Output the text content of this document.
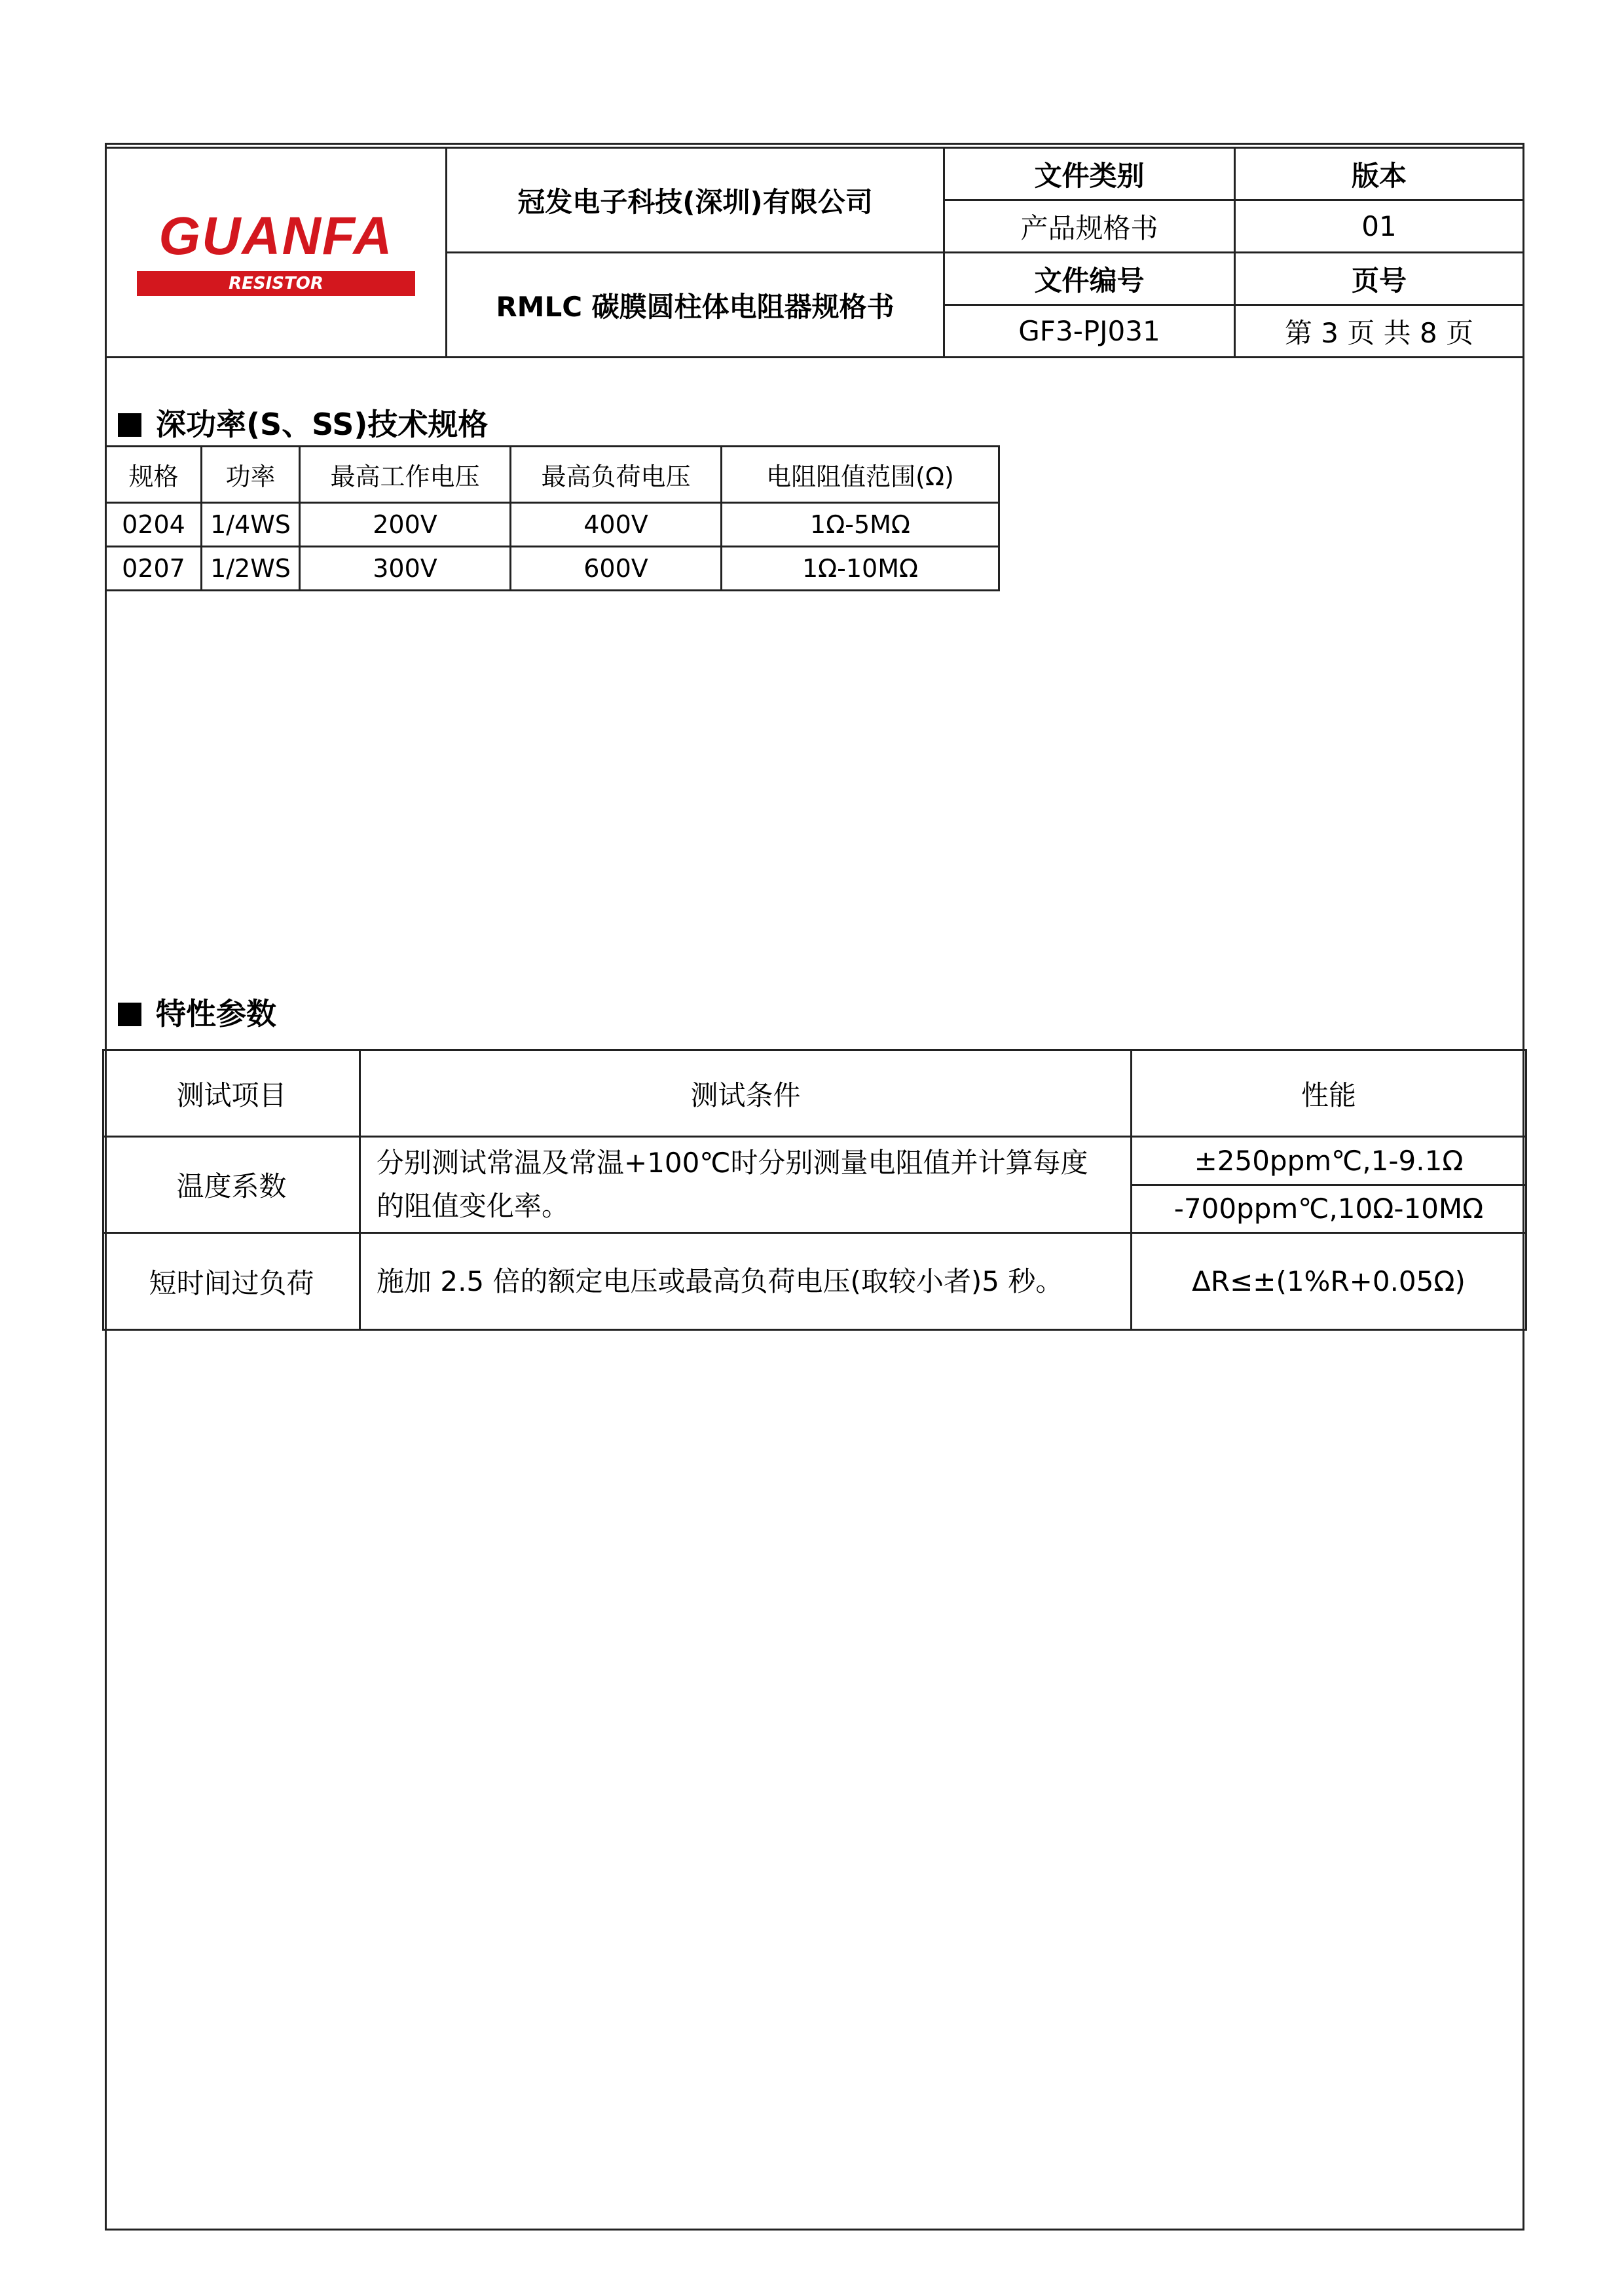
GUANFA
RESISTOR	冠发电子科技(深圳)有限公司	文件类别	版本
		产品规格书	01
	RMLC 碳膜圆柱体电阻器规格书	文件编号	页号
		GF3-PJ031	第 3 页 共 8 页
深功率(S、SS)技术规格
规格	功率	最高工作电压	最高负荷电压	电阻阻值范围(Ω)
0204	1/4WS	200V	400V	1Ω-5MΩ
0207	1/2WS	300V	600V	1Ω-10MΩ
特性参数
测试项目	测试条件	性能
温度系数	分别测试常温及常温+100℃时分别测量电阻值并计算每度的阻值变化率。	±250ppm℃,1-9.1Ω
		-700ppm℃,10Ω-10MΩ
短时间过负荷	施加 2.5 倍的额定电压或最高负荷电压(取较小者)5 秒。	ΔR≤±(1%R+0.05Ω)
